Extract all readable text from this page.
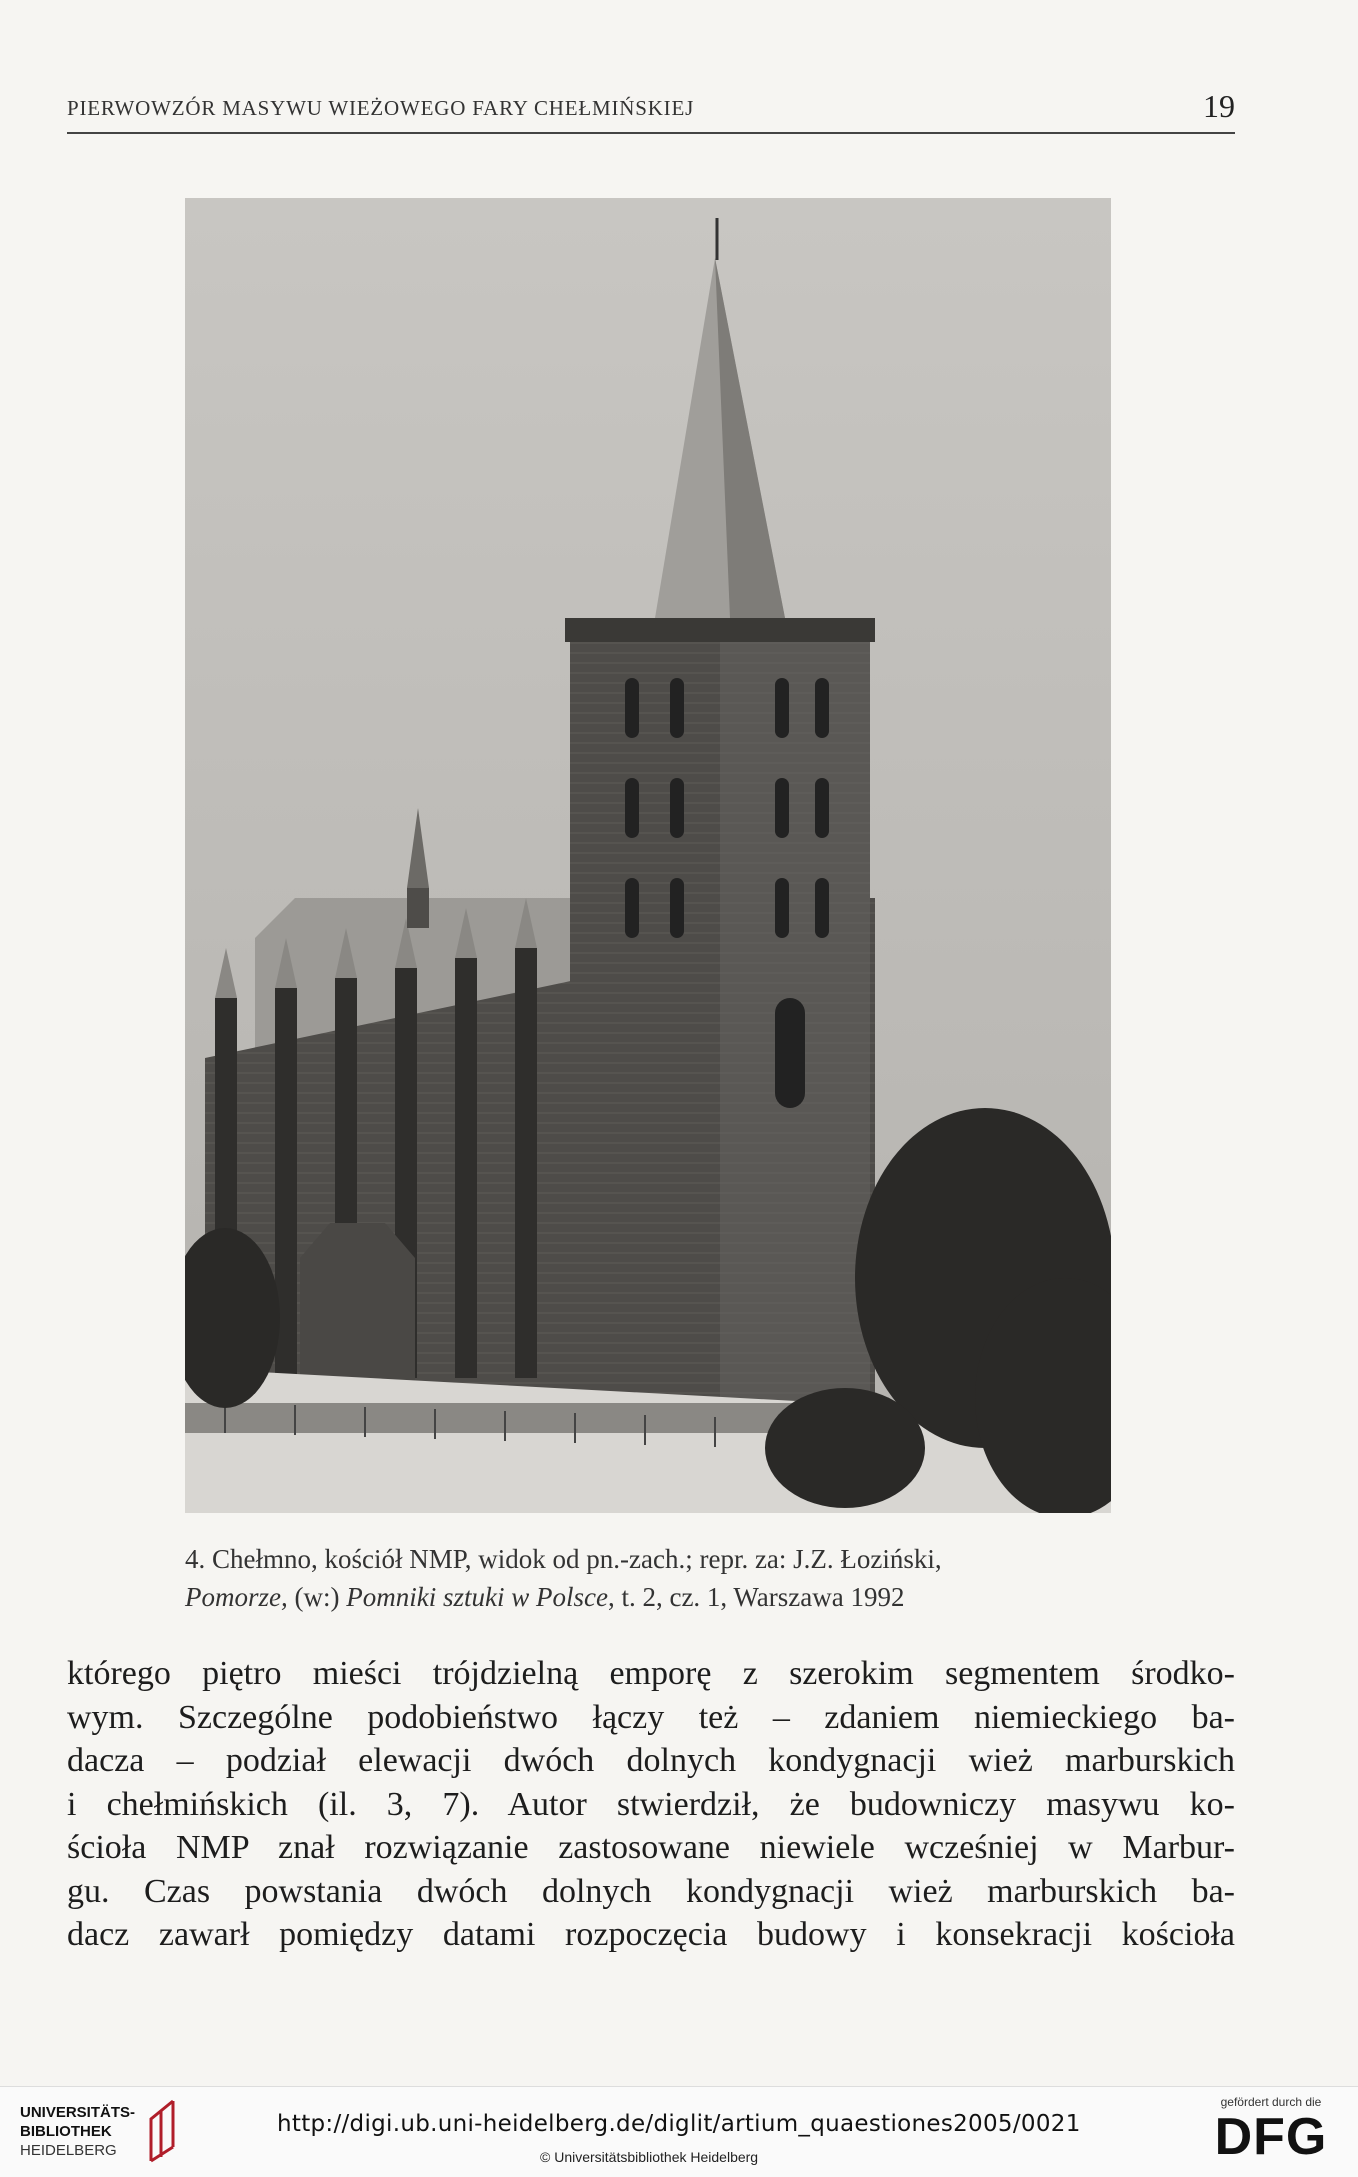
PIERWOWZÓR MASYWU WIEŻOWEGO FARY CHEŁMIŃSKIEJ	19
4. Chełmno, kościół NMP, widok od pn.-zach.; repr. za: J.Z. Łoziński,
Pomorze, (w:) Pomniki sztuki w Polsce, t. 2, cz. 1, Warszawa 1992
którego piętro mieści trójdzielną emporę z szerokim segmentem środko-
wym. Szczególne podobieństwo łączy też – zdaniem niemieckiego ba-
dacza – podział elewacji dwóch dolnych kondygnacji wież marburskich
i chełmińskich (il. 3, 7). Autor stwierdził, że budowniczy masywu ko-
ścioła NMP znał rozwiązanie zastosowane niewiele wcześniej w Marbur-
gu. Czas powstania dwóch dolnych kondygnacji wież marburskich ba-
dacz zawarł pomiędzy datami rozpoczęcia budowy i konsekracji kościoła
UNIVERSITÄTS-
BIBLIOTHEK
HEIDELBERG
http://digi.ub.uni-heidelberg.de/diglit/artium_quaestiones2005/0021
© Universitätsbibliothek Heidelberg
gefördert durch die
DFG
